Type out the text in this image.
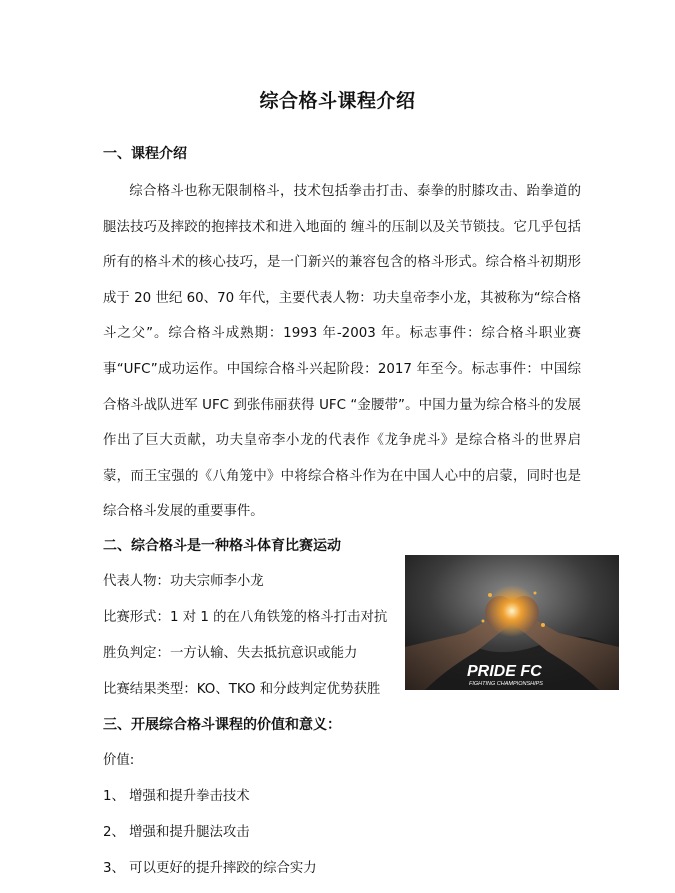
综合格斗课程介绍
一、课程介绍

综合格斗也称无限制格斗，技术包括拳击打击、泰拳的肘膝攻击、跆拳道的腿法技巧及摔跤的抱摔技术和进入地面的 缠斗的压制以及关节锁技。它几乎包括所有的格斗术的核心技巧，是一门新兴的兼容包含的格斗形式。综合格斗初期形成于 20 世纪 60、70 年代，主要代表人物：功夫皇帝李小龙，其被称为“综合格斗之父”。综合格斗成熟期：1993 年-2003 年。标志事件：综合格斗职业赛事“UFC”成功运作。中国综合格斗兴起阶段：2017 年至今。标志事件：中国综合格斗战队进军 UFC 到张伟丽获得 UFC “金腰带”。中国力量为综合格斗的发展作出了巨大贡献，功夫皇帝李小龙的代表作《龙争虎斗》是综合格斗的世界启蒙，而王宝强的《八角笼中》中将综合格斗作为在中国人心中的启蒙，同时也是综合格斗发展的重要事件。

二、综合格斗是一种格斗体育比赛运动
代表人物：功夫宗师李小龙
比赛形式：1 对 1 的在八角铁笼的格斗打击对抗
胜负判定：一方认输、失去抵抗意识或能力
比赛结果类型：KO、TKO 和分歧判定优势获胜
PRIDE FC
FIGHTING CHAMPIONSHIPS
三、开展综合格斗课程的价值和意义：
价值:
1、 增强和提升拳击技术
2、 增强和提升腿法攻击
3、 可以更好的提升摔跤的综合实力
